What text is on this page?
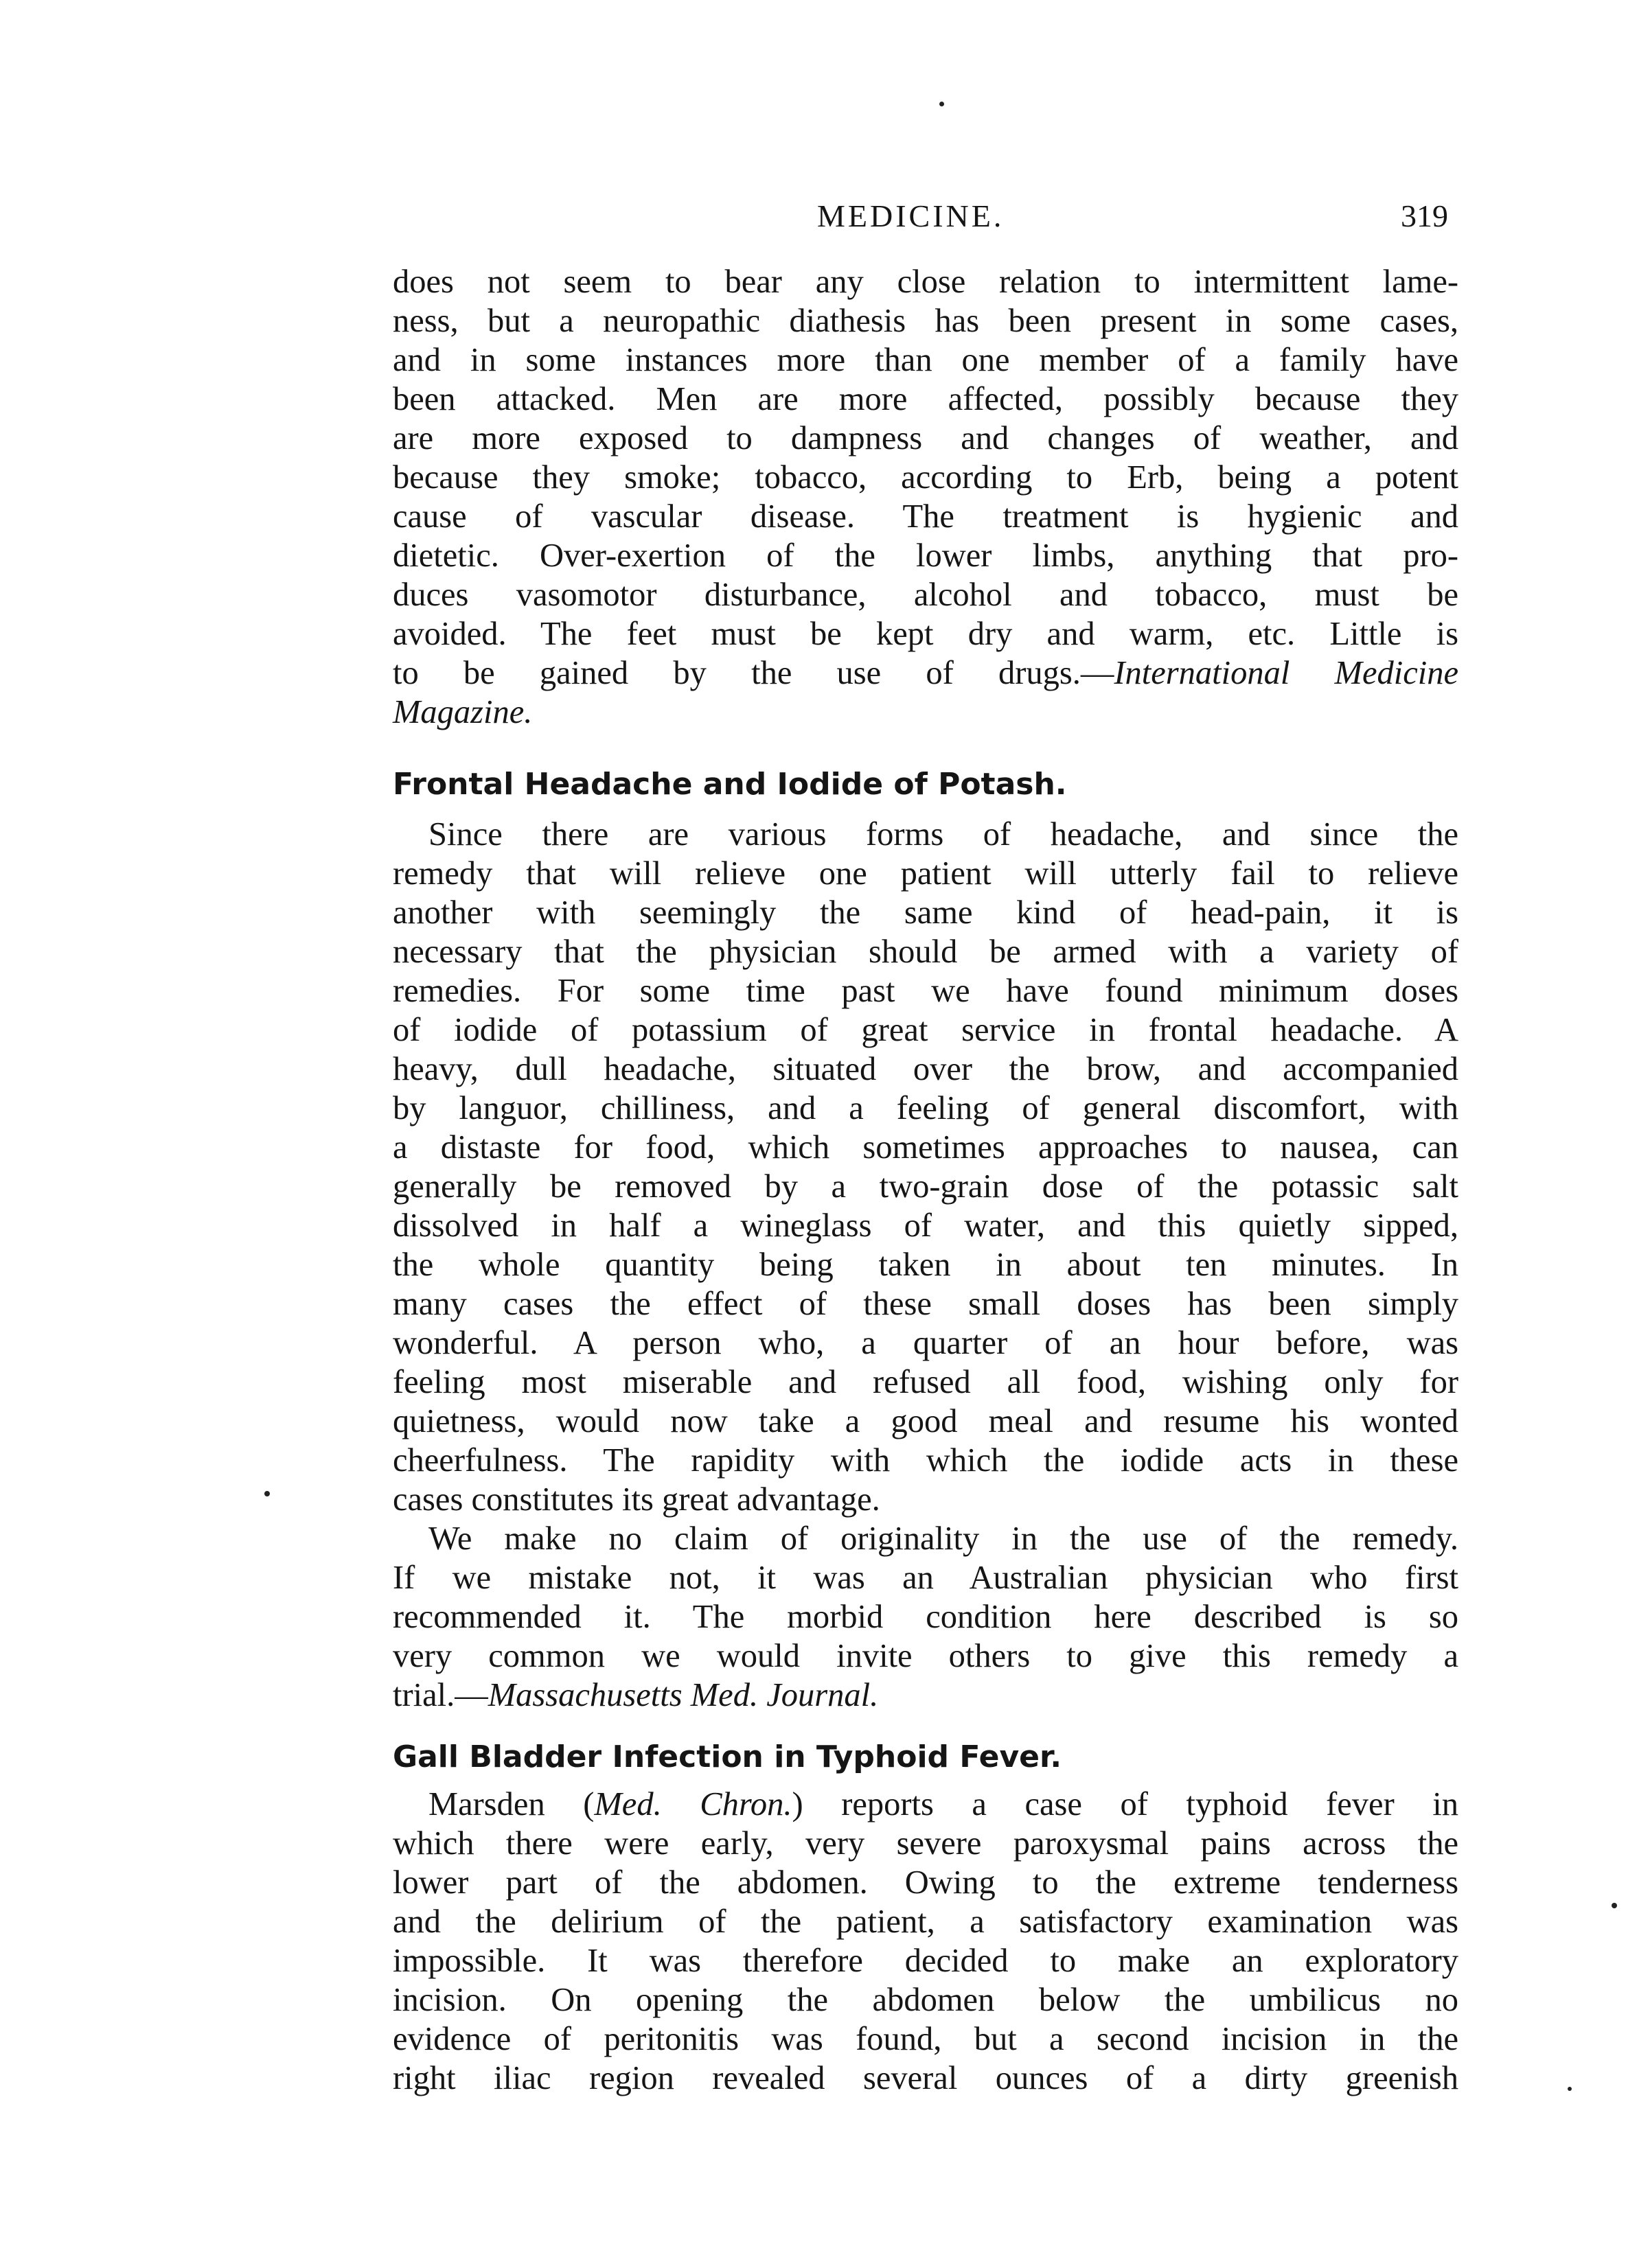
MEDICINE.	319
does not seem to bear any close relation to intermittent lame-
ness, but a neuropathic diathesis has been present in some cases,
and in some instances more than one member of a family have
been attacked. Men are more affected, possibly because they
are more exposed to dampness and changes of weather, and
because they smoke; tobacco, according to Erb, being a potent
cause of vascular disease. The treatment is hygienic and
dietetic. Over-exertion of the lower limbs, anything that pro-
duces vasomotor disturbance, alcohol and tobacco, must be
avoided. The feet must be kept dry and warm, etc. Little is
to be gained by the use of drugs.—International Medicine
Magazine.
Frontal Headache and Iodide of Potash.
Since there are various forms of headache, and since the
remedy that will relieve one patient will utterly fail to relieve
another with seemingly the same kind of head-pain, it is
necessary that the physician should be armed with a variety of
remedies. For some time past we have found minimum doses
of iodide of potassium of great service in frontal headache. A
heavy, dull headache, situated over the brow, and accompanied
by languor, chilliness, and a feeling of general discomfort, with
a distaste for food, which sometimes approaches to nausea, can
generally be removed by a two-grain dose of the potassic salt
dissolved in half a wineglass of water, and this quietly sipped,
the whole quantity being taken in about ten minutes. In
many cases the effect of these small doses has been simply
wonderful. A person who, a quarter of an hour before, was
feeling most miserable and refused all food, wishing only for
quietness, would now take a good meal and resume his wonted
cheerfulness. The rapidity with which the iodide acts in these
cases constitutes its great advantage.
We make no claim of originality in the use of the remedy.
If we mistake not, it was an Australian physician who first
recommended it. The morbid condition here described is so
very common we would invite others to give this remedy a
trial.—Massachusetts Med. Journal.
Gall Bladder Infection in Typhoid Fever.
Marsden (Med. Chron.) reports a case of typhoid fever in
which there were early, very severe paroxysmal pains across the
lower part of the abdomen. Owing to the extreme tenderness
and the delirium of the patient, a satisfactory examination was
impossible. It was therefore decided to make an exploratory
incision. On opening the abdomen below the umbilicus no
evidence of peritonitis was found, but a second incision in the
right iliac region revealed several ounces of a dirty greenish
